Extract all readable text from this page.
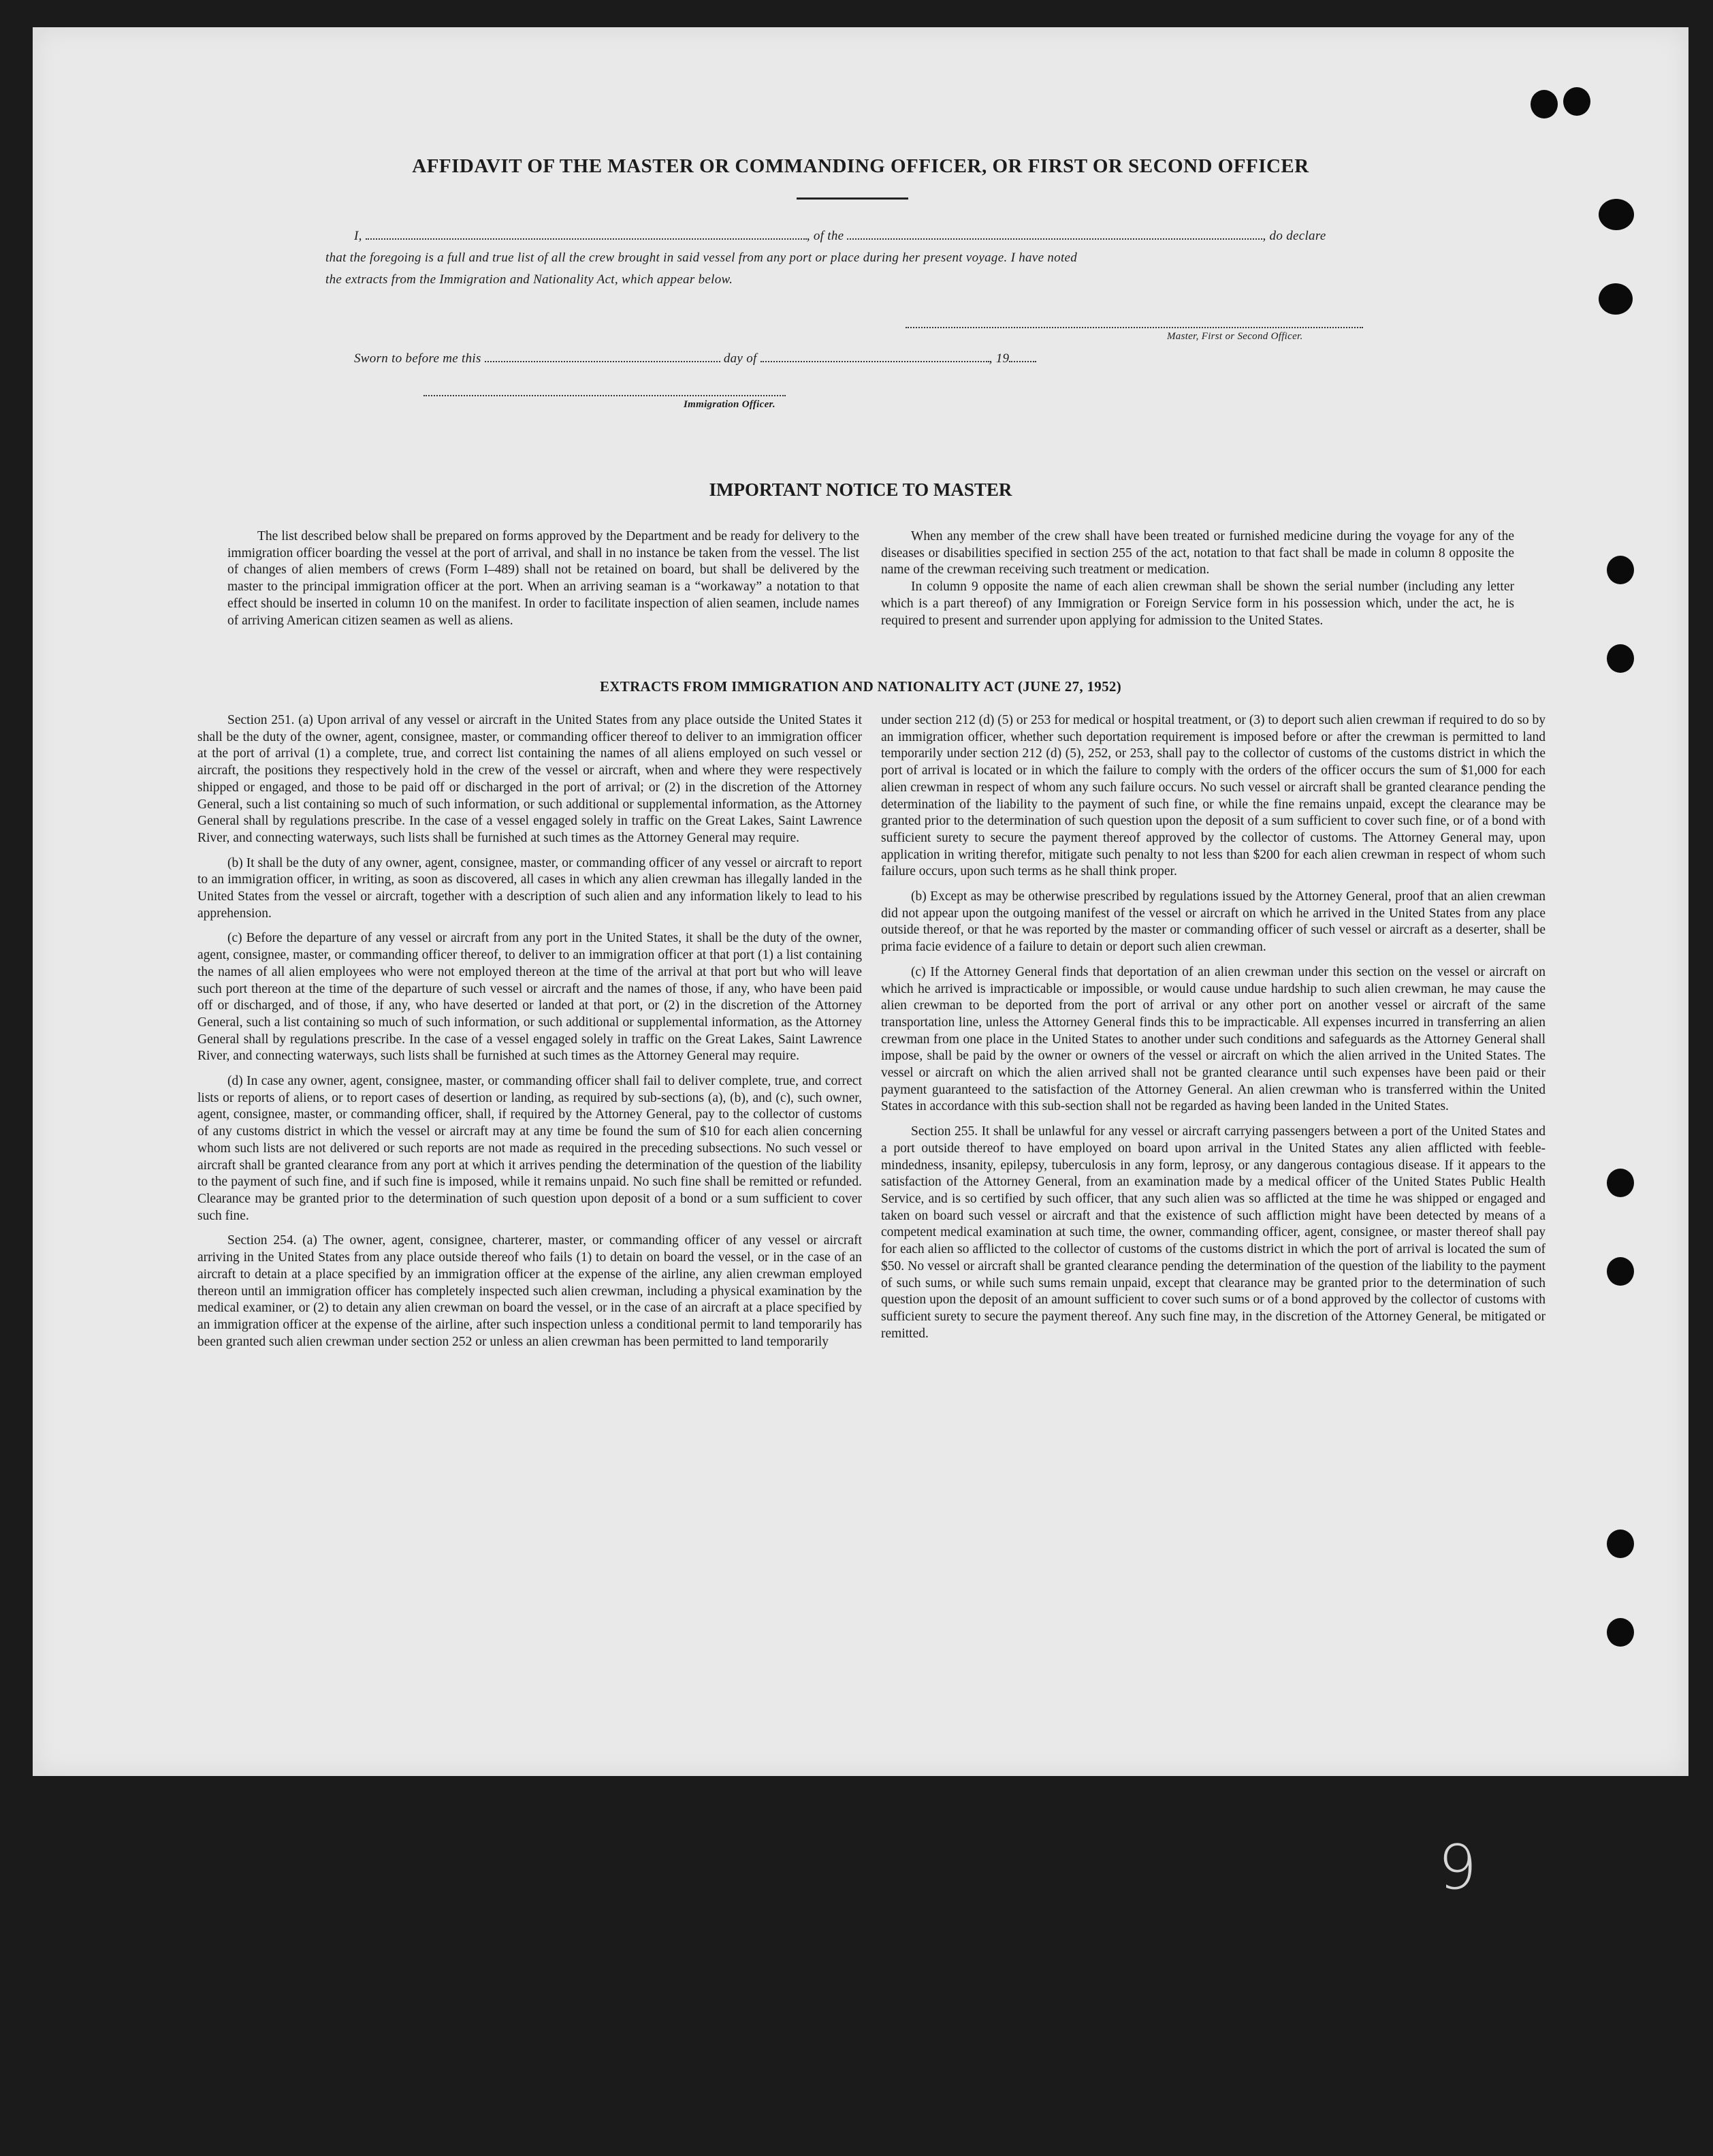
AFFIDAVIT OF THE MASTER OR COMMANDING OFFICER, OR FIRST OR SECOND OFFICER
I,	, of the	, do declare
that the foregoing is a full and true list of all the crew brought in said vessel from any port or place during her present voyage. I have noted
the extracts from the Immigration and Nationality Act, which appear below.
Master, First or Second Officer.
Sworn to before me this	day of	, 19
Immigration Officer.
IMPORTANT NOTICE TO MASTER

The list described below shall be prepared on forms approved by the Department and be ready for delivery to the immigration officer boarding the vessel at the port of arrival, and shall in no instance be taken from the vessel. The list of changes of alien members of crews (Form I–489) shall not be retained on board, but shall be delivered by the master to the principal immigration officer at the port. When an arriving seaman is a “workaway” a notation to that effect should be inserted in column 10 on the manifest. In order to facilitate inspection of alien seamen, include names of arriving American citizen seamen as well as aliens.

When any member of the crew shall have been treated or furnished medicine during the voyage for any of the diseases or disabilities specified in section 255 of the act, notation to that fact shall be made in column 8 opposite the name of the crewman receiving such treatment or medication.

In column 9 opposite the name of each alien crewman shall be shown the serial number (including any letter which is a part thereof) of any Immigration or Foreign Service form in his possession which, under the act, he is required to present and surrender upon applying for admission to the United States.

EXTRACTS FROM IMMIGRATION AND NATIONALITY ACT (JUNE 27, 1952)

Section 251. (a) Upon arrival of any vessel or aircraft in the United States from any place outside the United States it shall be the duty of the owner, agent, consignee, master, or commanding officer thereof to deliver to an immigration officer at the port of arrival (1) a complete, true, and correct list containing the names of all aliens employed on such vessel or aircraft, the positions they respectively hold in the crew of the vessel or aircraft, when and where they were respectively shipped or engaged, and those to be paid off or discharged in the port of arrival; or (2) in the discretion of the Attorney General, such a list containing so much of such information, or such additional or supplemental information, as the Attorney General shall by regulations prescribe. In the case of a vessel engaged solely in traffic on the Great Lakes, Saint Lawrence River, and connecting waterways, such lists shall be furnished at such times as the Attorney General may require.

(b) It shall be the duty of any owner, agent, consignee, master, or commanding officer of any vessel or aircraft to report to an immigration officer, in writing, as soon as discovered, all cases in which any alien crewman has illegally landed in the United States from the vessel or aircraft, together with a description of such alien and any information likely to lead to his apprehension.

(c) Before the departure of any vessel or aircraft from any port in the United States, it shall be the duty of the owner, agent, consignee, master, or commanding officer thereof, to deliver to an immigration officer at that port (1) a list containing the names of all alien employees who were not employed thereon at the time of the arrival at that port but who will leave such port thereon at the time of the departure of such vessel or aircraft and the names of those, if any, who have been paid off or discharged, and of those, if any, who have deserted or landed at that port, or (2) in the discretion of the Attorney General, such a list containing so much of such information, or such additional or supplemental information, as the Attorney General shall by regulations prescribe. In the case of a vessel engaged solely in traffic on the Great Lakes, Saint Lawrence River, and connecting waterways, such lists shall be furnished at such times as the Attorney General may require.

(d) In case any owner, agent, consignee, master, or commanding officer shall fail to deliver complete, true, and correct lists or reports of aliens, or to report cases of desertion or landing, as required by sub-sections (a), (b), and (c), such owner, agent, consignee, master, or commanding officer, shall, if required by the Attorney General, pay to the collector of customs of any customs district in which the vessel or aircraft may at any time be found the sum of $10 for each alien concerning whom such lists are not delivered or such reports are not made as required in the preceding subsections. No such vessel or aircraft shall be granted clearance from any port at which it arrives pending the determination of the question of the liability to the payment of such fine, and if such fine is imposed, while it remains unpaid. No such fine shall be remitted or refunded. Clearance may be granted prior to the determination of such question upon deposit of a bond or a sum sufficient to cover such fine.

Section 254. (a) The owner, agent, consignee, charterer, master, or commanding officer of any vessel or aircraft arriving in the United States from any place outside thereof who fails (1) to detain on board the vessel, or in the case of an aircraft to detain at a place specified by an immigration officer at the expense of the airline, any alien crewman employed thereon until an immigration officer has completely inspected such alien crewman, including a physical examination by the medical examiner, or (2) to detain any alien crewman on board the vessel, or in the case of an aircraft at a place specified by an immigration officer at the expense of the airline, after such inspection unless a conditional permit to land temporarily has been granted such alien crewman under section 252 or unless an alien crewman has been permitted to land temporarily

under section 212 (d) (5) or 253 for medical or hospital treatment, or (3) to deport such alien crewman if required to do so by an immigration officer, whether such deportation requirement is imposed before or after the crewman is permitted to land temporarily under section 212 (d) (5), 252, or 253, shall pay to the collector of customs of the customs district in which the port of arrival is located or in which the failure to comply with the orders of the officer occurs the sum of $1,000 for each alien crewman in respect of whom any such failure occurs. No such vessel or aircraft shall be granted clearance pending the determination of the liability to the payment of such fine, or while the fine remains unpaid, except the clearance may be granted prior to the determination of such question upon the deposit of a sum sufficient to cover such fine, or of a bond with sufficient surety to secure the payment thereof approved by the collector of customs. The Attorney General may, upon application in writing therefor, mitigate such penalty to not less than $200 for each alien crewman in respect of whom such failure occurs, upon such terms as he shall think proper.

(b) Except as may be otherwise prescribed by regulations issued by the Attorney General, proof that an alien crewman did not appear upon the outgoing manifest of the vessel or aircraft on which he arrived in the United States from any place outside thereof, or that he was reported by the master or commanding officer of such vessel or aircraft as a deserter, shall be prima facie evidence of a failure to detain or deport such alien crewman.

(c) If the Attorney General finds that deportation of an alien crewman under this section on the vessel or aircraft on which he arrived is impracticable or impossible, or would cause undue hardship to such alien crewman, he may cause the alien crewman to be deported from the port of arrival or any other port on another vessel or aircraft of the same transportation line, unless the Attorney General finds this to be impracticable. All expenses incurred in transferring an alien crewman from one place in the United States to another under such conditions and safeguards as the Attorney General shall impose, shall be paid by the owner or owners of the vessel or aircraft on which the alien arrived in the United States. The vessel or aircraft on which the alien arrived shall not be granted clearance until such expenses have been paid or their payment guaranteed to the satisfaction of the Attorney General. An alien crewman who is transferred within the United States in accordance with this sub-section shall not be regarded as having been landed in the United States.

Section 255. It shall be unlawful for any vessel or aircraft carrying passengers between a port of the United States and a port outside thereof to have employed on board upon arrival in the United States any alien afflicted with feeble-mindedness, insanity, epilepsy, tuberculosis in any form, leprosy, or any dangerous contagious disease. If it appears to the satisfaction of the Attorney General, from an examination made by a medical officer of the United States Public Health Service, and is so certified by such officer, that any such alien was so afflicted at the time he was shipped or engaged and taken on board such vessel or aircraft and that the existence of such affliction might have been detected by means of a competent medical examination at such time, the owner, commanding officer, agent, consignee, or master thereof shall pay for each alien so afflicted to the collector of customs of the customs district in which the port of arrival is located the sum of $50. No vessel or aircraft shall be granted clearance pending the determination of the question of the liability to the payment of such sums, or while such sums remain unpaid, except that clearance may be granted prior to the determination of such question upon the deposit of an amount sufficient to cover such sums or of a bond approved by the collector of customs with sufficient surety to secure the payment thereof. Any such fine may, in the discretion of the Attorney General, be mitigated or remitted.

9
